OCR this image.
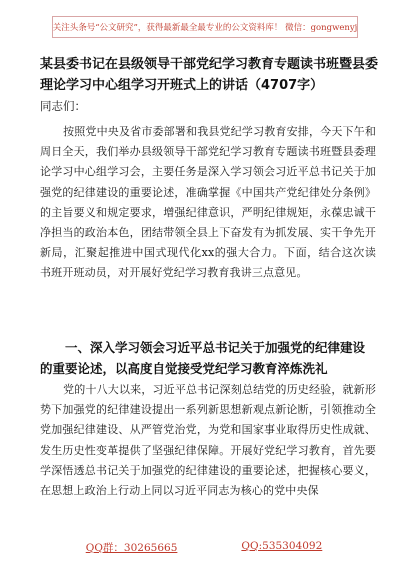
关注头条号“公文研究”，获得最新最全最专业的公文资料库！ 微信：gongwenyj
某县委书记在县级领导干部党纪学习教育专题读书班暨县委理论学习中心组学习开班式上的讲话（4707字）
同志们：
按照党中央及省市委部署和我县党纪学习教育安排，今天下午和周日全天，我们举办县级领导干部党纪学习教育专题读书班暨县委理论学习中心组学习会，主要任务是深入学习领会习近平总书记关于加强党的纪律建设的重要论述，准确掌握《中国共产党纪律处分条例》的主旨要义和规定要求，增强纪律意识，严明纪律规矩，永葆忠诚干净担当的政治本色，团结带领全县上下奋发有为抓发展、实干争先开新局，汇聚起推进中国式现代化xx的强大合力。下面，结合这次读书班开班动员，对开展好党纪学习教育我讲三点意见。
一、深入学习领会习近平总书记关于加强党的纪律建设的重要论述，以高度自觉接受党纪学习教育淬炼洗礼
党的十八大以来，习近平总书记深刻总结党的历史经验，就新形势下加强党的纪律建设提出一系列新思想新观点新论断，引领推动全党加强纪律建设、从严管党治党，为党和国家事业取得历史性成就、发生历史性变革提供了坚强纪律保障。开展好党纪学习教育，首先要学深悟透总书记关于加强党的纪律建设的重要论述，把握核心要义，在思想上政治上行动上同以习近平同志为核心的党中央保
QQ群：30265665	QQ:535304092
